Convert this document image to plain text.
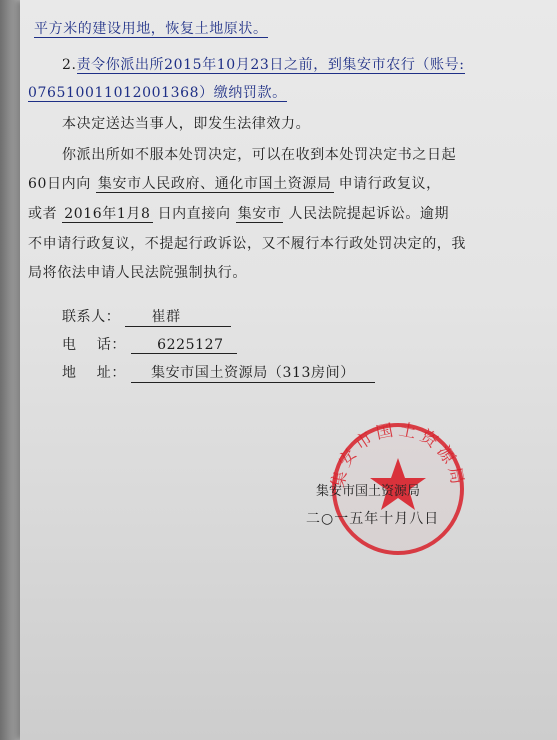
平方米的建设用地，恢复土地原状。
2.责令你派出所2015年10月23日之前，到集安市农行（账号:
076510011012001368）缴纳罚款。
本决定送达当事人，即发生法律效力。
你派出所如不服本处罚决定，可以在收到本处罚决定书之日起
60日内向 集安市人民政府、通化市国土资源局 申请行政复议，
或者 2016年1月8 日内直接向 集安市 人民法院提起诉讼。逾期
不申请行政复议，不提起行政诉讼，又不履行本行政处罚决定的，我
局将依法申请人民法院强制执行。
联系人： 崔群
电    话： 6225127
地    址： 集安市国土资源局（313房间）
集安市国土资源局
集安市国土资源局
二○一五年十月八日
